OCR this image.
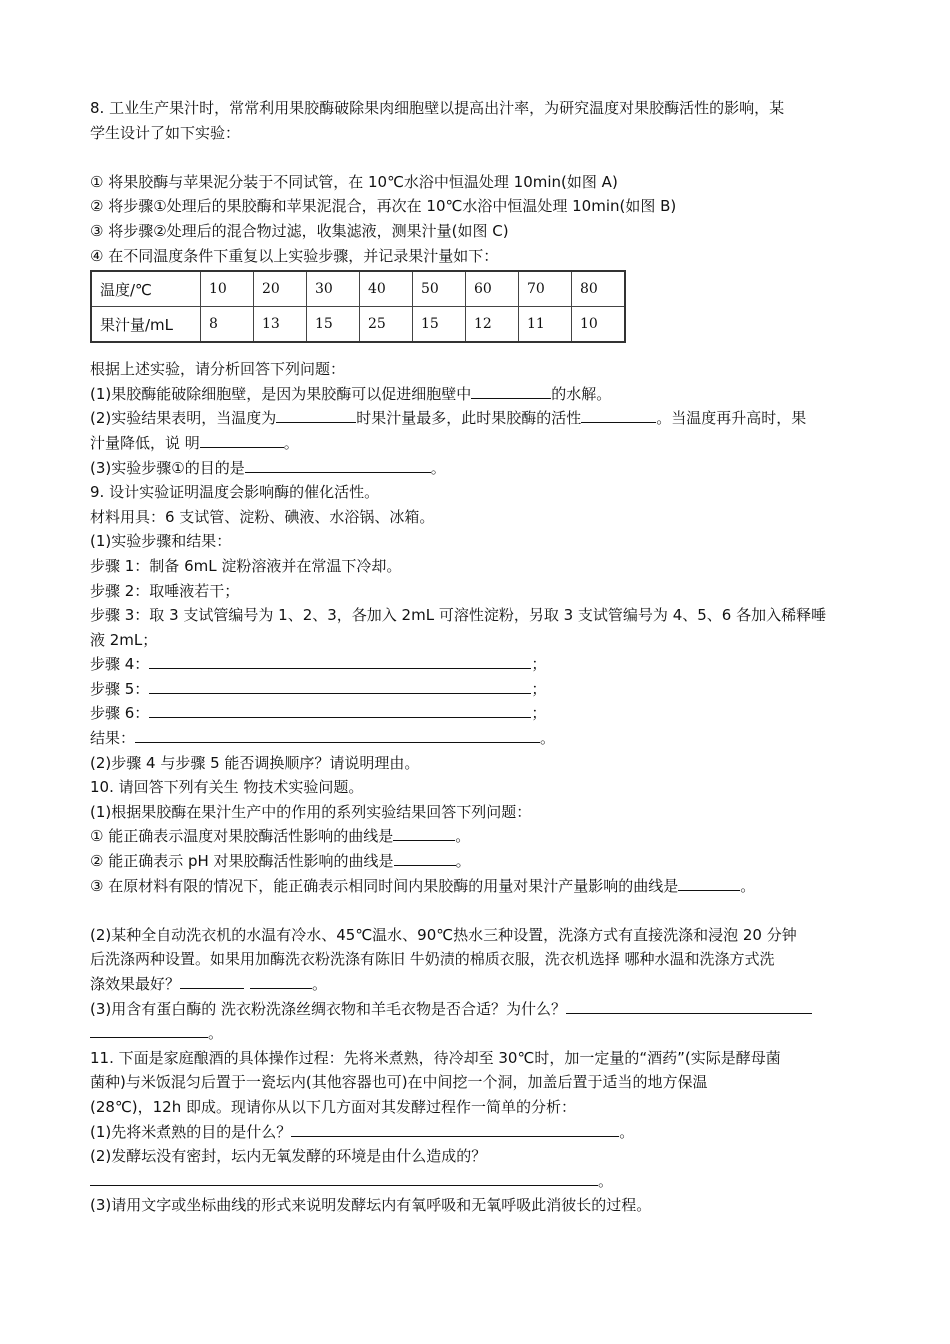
8. 工业生产果汁时，常常利用果胶酶破除果肉细胞壁以提高出汁率，为研究温度对果胶酶活性的影响，某
学生设计了如下实验：
① 将果胶酶与苹果泥分装于不同试管，在 10℃水浴中恒温处理 10min(如图 A)
② 将步骤①处理后的果胶酶和苹果泥混合，再次在 10℃水浴中恒温处理 10min(如图 B)
③ 将步骤②处理后的混合物过滤，收集滤液，测果汁量(如图 C)
④ 在不同温度条件下重复以上实验步骤，并记录果汁量如下：
温度/℃	10	20	30	40	50	60	70	80
果汁量/mL	8	13	15	25	15	12	11	10
根据上述实验，请分析回答下列问题：
(1)果胶酶能破除细胞壁，是因为果胶酶可以促进细胞壁中	的水解。
(2)实验结果表明，当温度为	时果汁量最多，此时果胶酶的活性	。当温度再升高时，果
汁量降低，说 明	。
(3)实验步骤①的目的是	。
9. 设计实验证明温度会影响酶的催化活性。
材料用具：6 支试管、淀粉、碘液、水浴锅、冰箱。
(1)实验步骤和结果：
步骤 1：制备 6mL 淀粉溶液并在常温下冷却。
步骤 2：取唾液若干；
步骤 3：取 3 支试管编号为 1、2、3，各加入 2mL 可溶性淀粉，另取 3 支试管编号为 4、5、6 各加入稀释唾
液 2mL；
步骤 4：	；
步骤 5：	；
步骤 6：	；
结果：	。
(2)步骤 4 与步骤 5 能否调换顺序？请说明理由。
10. 请回答下列有关生 物技术实验问题。
(1)根据果胶酶在果汁生产中的作用的系列实验结果回答下列问题：
① 能正确表示温度对果胶酶活性影响的曲线是	。
② 能正确表示 pH 对果胶酶活性影响的曲线是	。
③ 在原材料有限的情况下，能正确表示相同时间内果胶酶的用量对果汁产量影响的曲线是	。
(2)某种全自动洗衣机的水温有冷水、45℃温水、90℃热水三种设置，洗涤方式有直接洗涤和浸泡 20 分钟
后洗涤两种设置。如果用加酶洗衣粉洗涤有陈旧 牛奶渍的棉质衣服，洗衣机选择 哪种水温和洗涤方式洗
涤效果最好？	。
(3)用含有蛋白酶的 洗衣粉洗涤丝绸衣物和羊毛衣物是否合适？为什么？
。
11. 下面是家庭酿酒的具体操作过程：先将米煮熟，待冷却至 30℃时，加一定量的“酒药”(实际是酵母菌
菌种)与米饭混匀后置于一瓷坛内(其他容器也可)在中间挖一个洞，加盖后置于适当的地方保温
(28℃)，12h 即成。现请你从以下几方面对其发酵过程作一简单的分析：
(1)先将米煮熟的目的是什么？	。
(2)发酵坛没有密封，坛内无氧发酵的环境是由什么造成的？
。
(3)请用文字或坐标曲线的形式来说明发酵坛内有氧呼吸和无氧呼吸此消彼长的过程。
